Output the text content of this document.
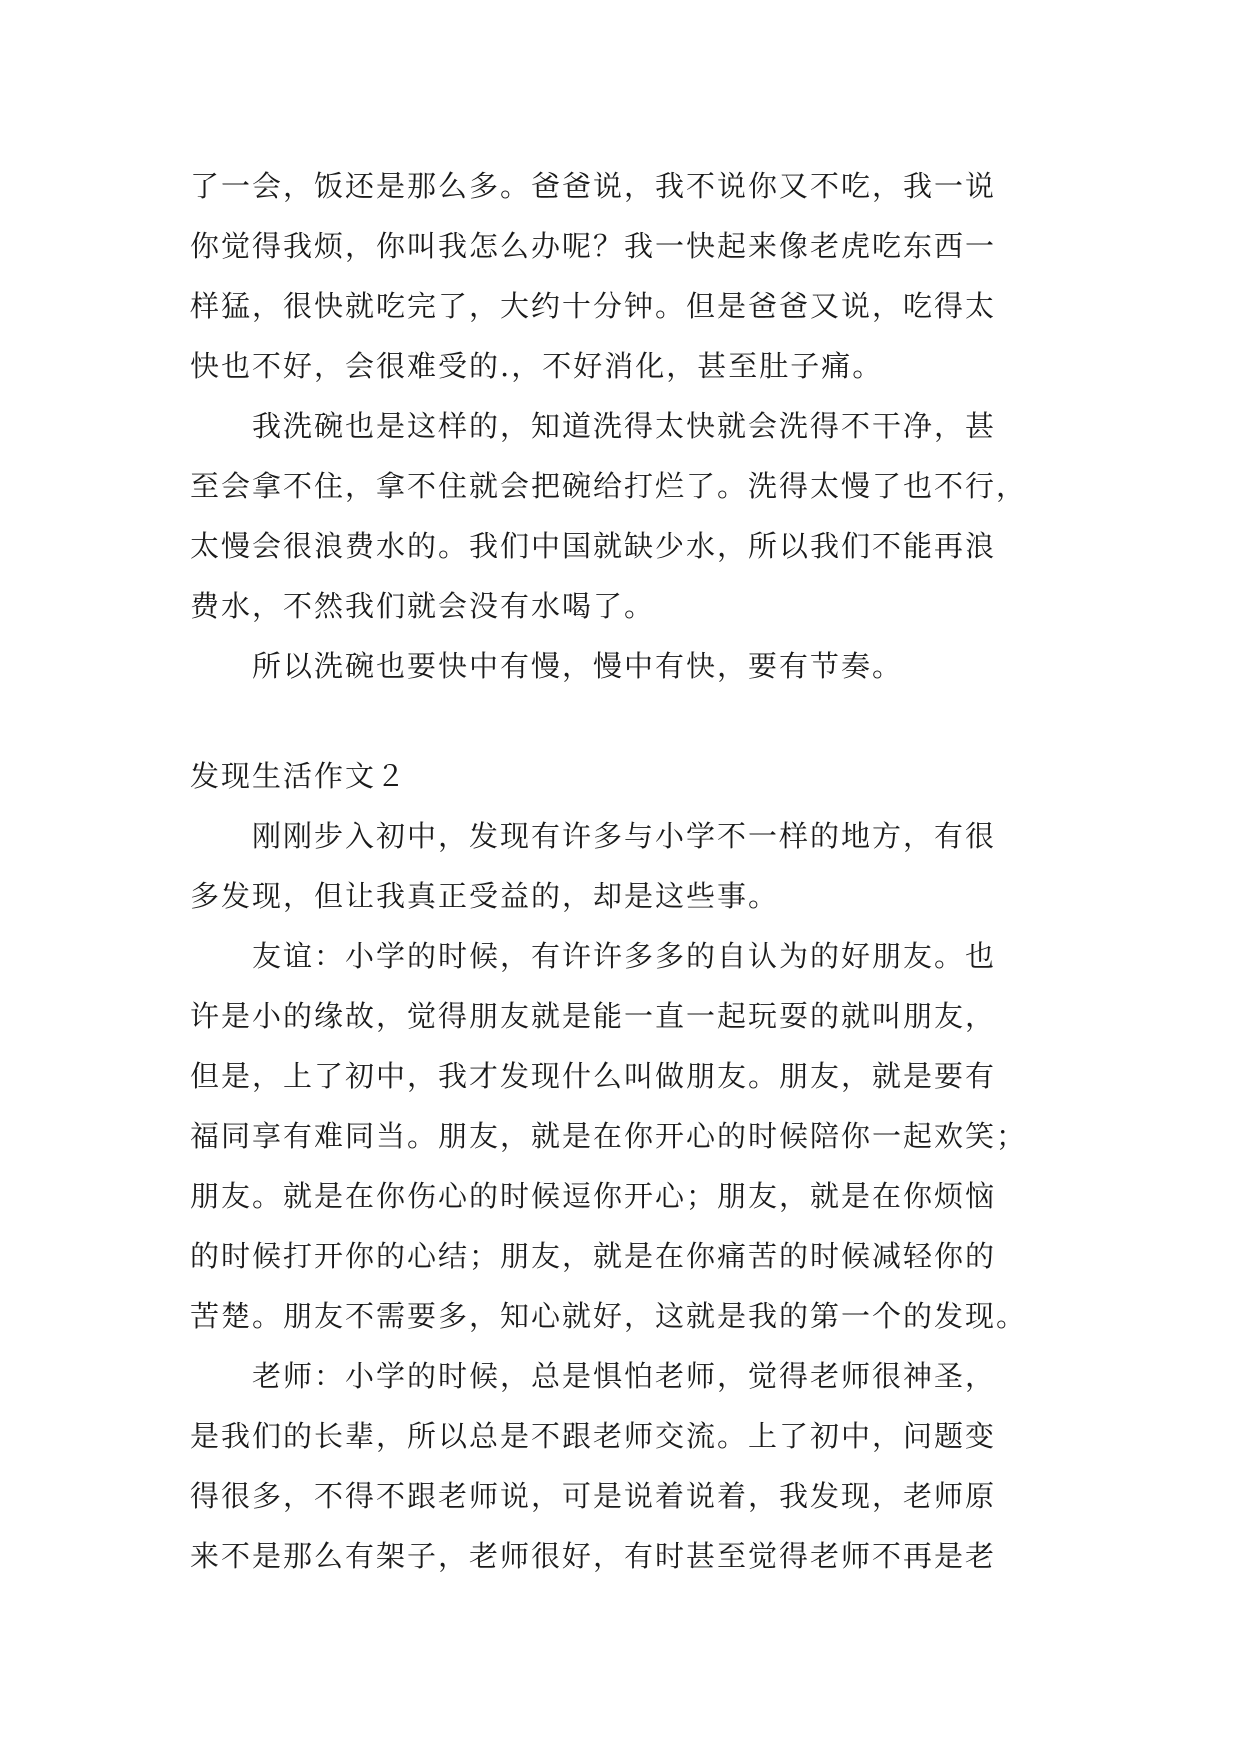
了一会，饭还是那么多。爸爸说，我不说你又不吃，我一说
你觉得我烦，你叫我怎么办呢？我一快起来像老虎吃东西一
样猛，很快就吃完了，大约十分钟。但是爸爸又说，吃得太
快也不好，会很难受的.，不好消化，甚至肚子痛。
我洗碗也是这样的，知道洗得太快就会洗得不干净，甚
至会拿不住，拿不住就会把碗给打烂了。洗得太慢了也不行，
太慢会很浪费水的。我们中国就缺少水，所以我们不能再浪
费水，不然我们就会没有水喝了。
所以洗碗也要快中有慢，慢中有快，要有节奏。
发现生活作文２
刚刚步入初中，发现有许多与小学不一样的地方，有很
多发现，但让我真正受益的，却是这些事。
友谊：小学的时候，有许许多多的自认为的好朋友。也
许是小的缘故，觉得朋友就是能一直一起玩耍的就叫朋友，
但是，上了初中，我才发现什么叫做朋友。朋友，就是要有
福同享有难同当。朋友，就是在你开心的时候陪你一起欢笑；
朋友。就是在你伤心的时候逗你开心；朋友，就是在你烦恼
的时候打开你的心结；朋友，就是在你痛苦的时候减轻你的
苦楚。朋友不需要多，知心就好，这就是我的第一个的发现。
老师：小学的时候，总是惧怕老师，觉得老师很神圣，
是我们的长辈，所以总是不跟老师交流。上了初中，问题变
得很多，不得不跟老师说，可是说着说着，我发现，老师原
来不是那么有架子，老师很好，有时甚至觉得老师不再是老
